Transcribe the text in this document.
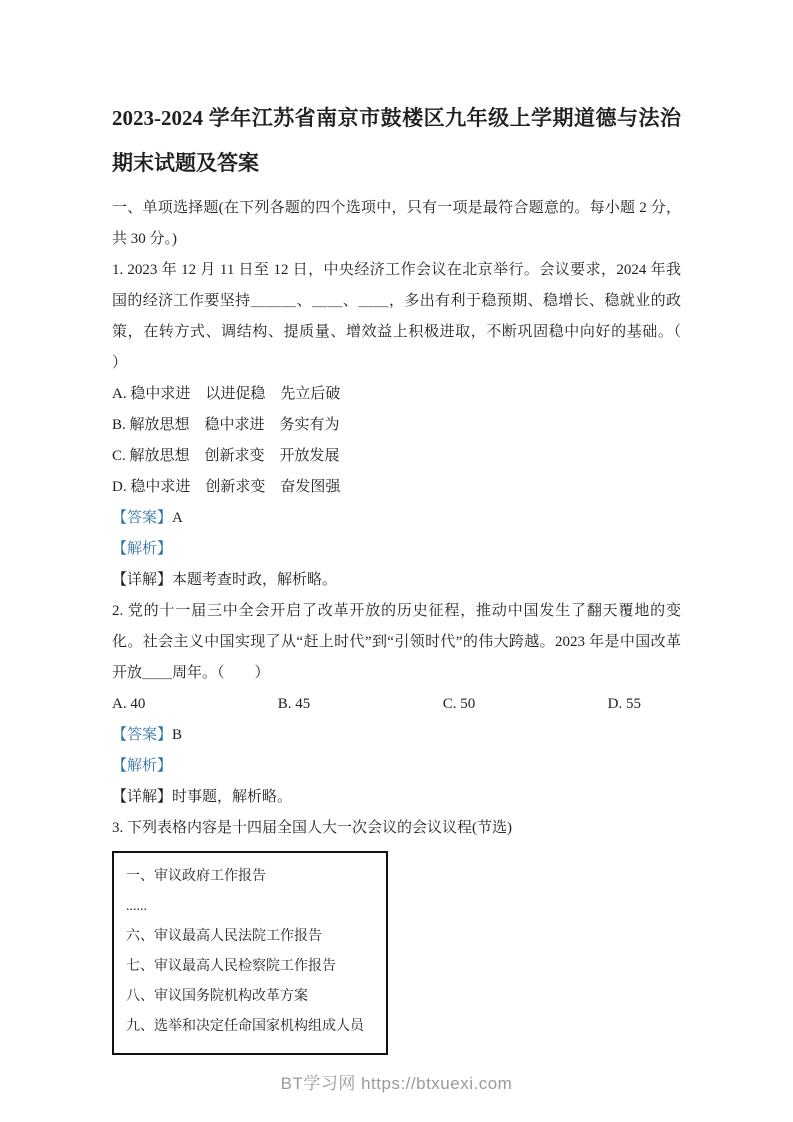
2023-2024 学年江苏省南京市鼓楼区九年级上学期道德与法治期末试题及答案

一、单项选择题(在下列各题的四个选项中，只有一项是最符合题意的。每小题 2 分，共 30 分。)

1. 2023 年 12 月 11 日至 12 日，中央经济工作会议在北京举行。会议要求，2024 年我国的经济工作要坚持＿＿＿、＿＿、＿＿，多出有利于稳预期、稳增长、稳就业的政策，在转方式、调结构、提质量、增效益上积极进取，不断巩固稳中向好的基础。（　　）

A. 稳中求进　以进促稳　先立后破

B. 解放思想　稳中求进　务实有为

C. 解放思想　创新求变　开放发展

D. 稳中求进　创新求变　奋发图强

【答案】A

【解析】

【详解】本题考查时政，解析略。

2. 党的十一届三中全会开启了改革开放的历史征程，推动中国发生了翻天覆地的变化。社会主义中国实现了从“赶上时代”到“引领时代”的伟大跨越。2023 年是中国改革开放＿＿周年。（　　）

A. 40	B. 45	C. 50	D. 55

【答案】B

【解析】

【详解】时事题，解析略。

3. 下列表格内容是十四届全国人大一次会议的会议议程(节选)

一、审议政府工作报告

......

六、审议最高人民法院工作报告

七、审议最高人民检察院工作报告

八、审议国务院机构改革方案

九、选举和决定任命国家机构组成人员

BT学习网 https://btxuexi.com
